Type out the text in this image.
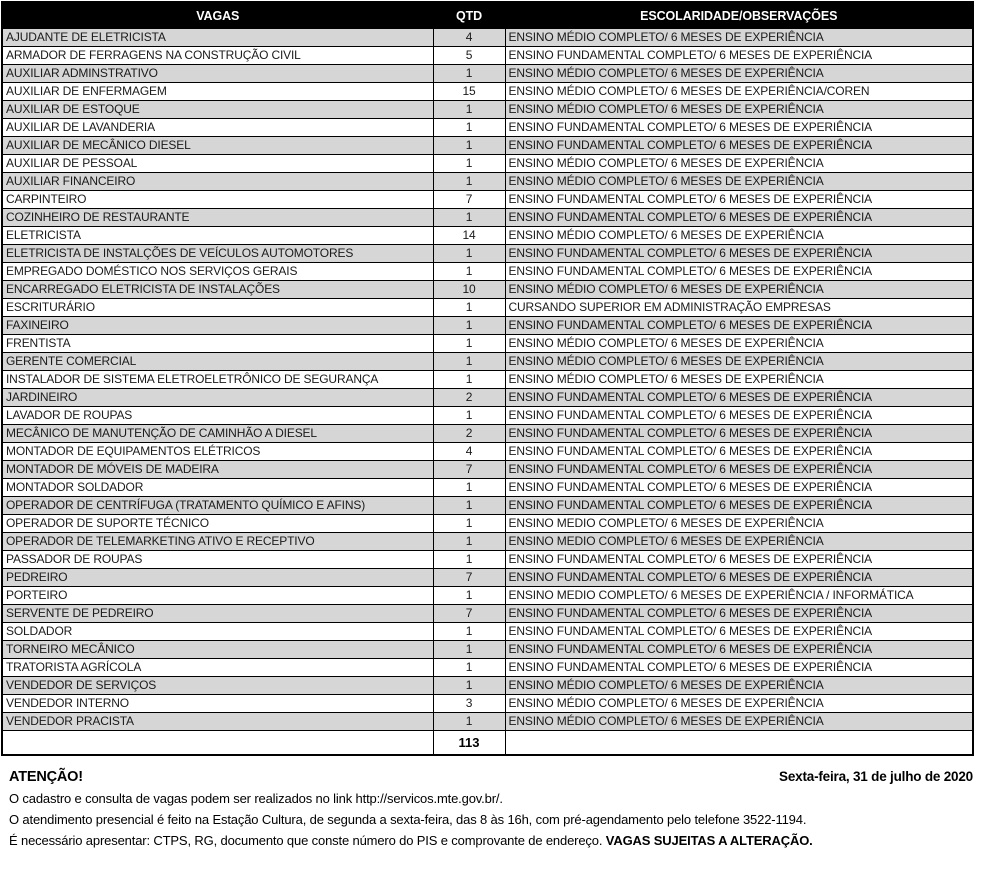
VAGAS	QTD	ESCOLARIDADE/OBSERVAÇÕES
AJUDANTE DE ELETRICISTA	4	ENSINO MÉDIO COMPLETO/ 6 MESES DE EXPERIÊNCIA
ARMADOR DE FERRAGENS NA CONSTRUÇÃO CIVIL	5	ENSINO FUNDAMENTAL COMPLETO/ 6 MESES DE EXPERIÊNCIA
AUXILIAR ADMINSTRATIVO	1	ENSINO MÉDIO COMPLETO/ 6 MESES DE EXPERIÊNCIA
AUXILIAR DE ENFERMAGEM	15	ENSINO MÉDIO COMPLETO/ 6 MESES DE EXPERIÊNCIA/COREN
AUXILIAR DE ESTOQUE	1	ENSINO MÉDIO COMPLETO/ 6 MESES DE EXPERIÊNCIA
AUXILIAR DE LAVANDERIA	1	ENSINO FUNDAMENTAL COMPLETO/ 6 MESES DE EXPERIÊNCIA
AUXILIAR DE MECÂNICO DIESEL	1	ENSINO FUNDAMENTAL COMPLETO/ 6 MESES DE EXPERIÊNCIA
AUXILIAR DE PESSOAL	1	ENSINO MÉDIO COMPLETO/ 6 MESES DE EXPERIÊNCIA
AUXILIAR FINANCEIRO	1	ENSINO MÉDIO COMPLETO/ 6 MESES DE EXPERIÊNCIA
CARPINTEIRO	7	ENSINO FUNDAMENTAL COMPLETO/ 6 MESES DE EXPERIÊNCIA
COZINHEIRO DE RESTAURANTE	1	ENSINO FUNDAMENTAL COMPLETO/ 6 MESES DE EXPERIÊNCIA
ELETRICISTA	14	ENSINO MÉDIO COMPLETO/ 6 MESES DE EXPERIÊNCIA
ELETRICISTA DE INSTALÇÕES DE VEÍCULOS AUTOMOTORES	1	ENSINO FUNDAMENTAL COMPLETO/ 6 MESES DE EXPERIÊNCIA
EMPREGADO DOMÉSTICO NOS SERVIÇOS GERAIS	1	ENSINO FUNDAMENTAL COMPLETO/ 6 MESES DE EXPERIÊNCIA
ENCARREGADO ELETRICISTA DE INSTALAÇÕES	10	ENSINO MÉDIO COMPLETO/ 6 MESES DE EXPERIÊNCIA
ESCRITURÁRIO	1	CURSANDO SUPERIOR EM ADMINISTRAÇÃO EMPRESAS
FAXINEIRO	1	ENSINO FUNDAMENTAL COMPLETO/ 6 MESES DE EXPERIÊNCIA
FRENTISTA	1	ENSINO MÉDIO COMPLETO/ 6 MESES DE EXPERIÊNCIA
GERENTE COMERCIAL	1	ENSINO MÉDIO COMPLETO/ 6 MESES DE EXPERIÊNCIA
INSTALADOR DE SISTEMA ELETROELETRÔNICO DE SEGURANÇA	1	ENSINO MÉDIO COMPLETO/ 6 MESES DE EXPERIÊNCIA
JARDINEIRO	2	ENSINO FUNDAMENTAL COMPLETO/ 6 MESES DE EXPERIÊNCIA
LAVADOR DE ROUPAS	1	ENSINO FUNDAMENTAL COMPLETO/ 6 MESES DE EXPERIÊNCIA
MECÂNICO DE MANUTENÇÃO DE CAMINHÃO A DIESEL	2	ENSINO FUNDAMENTAL COMPLETO/ 6 MESES DE EXPERIÊNCIA
MONTADOR DE EQUIPAMENTOS ELÉTRICOS	4	ENSINO FUNDAMENTAL COMPLETO/ 6 MESES DE EXPERIÊNCIA
MONTADOR DE MÓVEIS DE MADEIRA	7	ENSINO FUNDAMENTAL COMPLETO/ 6 MESES DE EXPERIÊNCIA
MONTADOR SOLDADOR	1	ENSINO FUNDAMENTAL COMPLETO/ 6 MESES DE EXPERIÊNCIA
OPERADOR DE CENTRÍFUGA (TRATAMENTO QUÍMICO E AFINS)	1	ENSINO FUNDAMENTAL COMPLETO/ 6 MESES DE EXPERIÊNCIA
OPERADOR DE SUPORTE TÉCNICO	1	ENSINO MEDIO COMPLETO/ 6 MESES DE EXPERIÊNCIA
OPERADOR DE TELEMARKETING ATIVO E RECEPTIVO	1	ENSINO MEDIO COMPLETO/ 6 MESES DE EXPERIÊNCIA
PASSADOR DE ROUPAS	1	ENSINO FUNDAMENTAL COMPLETO/ 6 MESES DE EXPERIÊNCIA
PEDREIRO	7	ENSINO FUNDAMENTAL COMPLETO/ 6 MESES DE EXPERIÊNCIA
PORTEIRO	1	ENSINO MEDIO COMPLETO/ 6 MESES DE EXPERIÊNCIA / INFORMÁTICA
SERVENTE DE PEDREIRO	7	ENSINO FUNDAMENTAL COMPLETO/ 6 MESES DE EXPERIÊNCIA
SOLDADOR	1	ENSINO FUNDAMENTAL COMPLETO/ 6 MESES DE EXPERIÊNCIA
TORNEIRO MECÂNICO	1	ENSINO FUNDAMENTAL COMPLETO/ 6 MESES DE EXPERIÊNCIA
TRATORISTA AGRÍCOLA	1	ENSINO FUNDAMENTAL COMPLETO/ 6 MESES DE EXPERIÊNCIA
VENDEDOR DE SERVIÇOS	1	ENSINO MÉDIO COMPLETO/ 6 MESES DE EXPERIÊNCIA
VENDEDOR INTERNO	3	ENSINO MÉDIO COMPLETO/ 6 MESES DE EXPERIÊNCIA
VENDEDOR PRACISTA	1	ENSINO MÉDIO COMPLETO/ 6 MESES DE EXPERIÊNCIA
	113	
ATENÇÃO!	Sexta-feira, 31 de julho de 2020

O cadastro e consulta de vagas podem ser realizados no link http://servicos.mte.gov.br/.

O atendimento presencial é feito na Estação Cultura, de segunda a sexta-feira, das 8 às 16h, com pré-agendamento pelo telefone 3522-1194.

É necessário apresentar: CTPS, RG, documento que conste número do PIS e comprovante de endereço. VAGAS SUJEITAS A ALTERAÇÃO.
